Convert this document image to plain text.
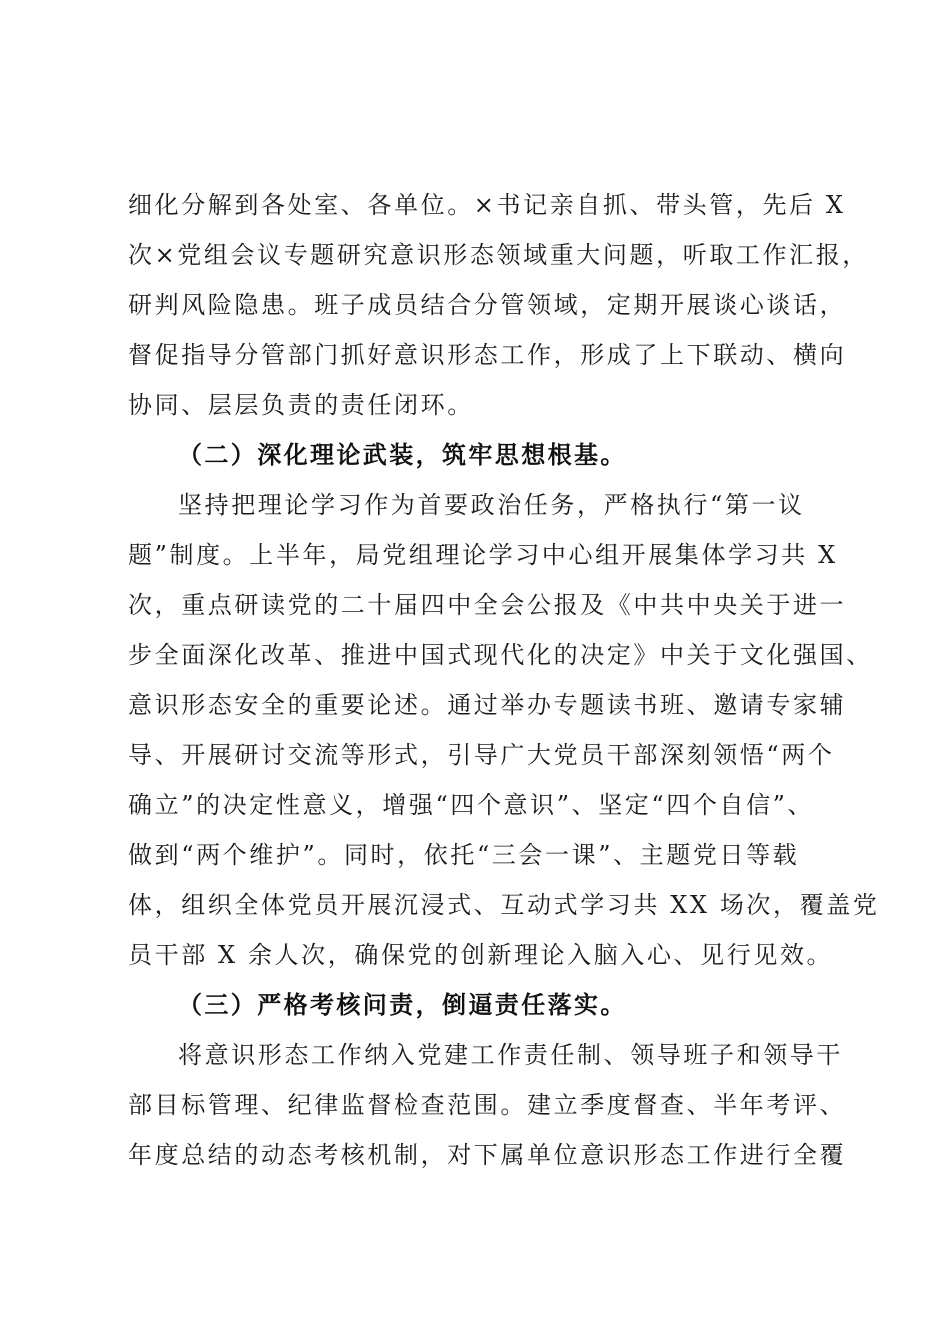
细化分解到各处室、各单位。×书记亲自抓、带头管，先后 X
次×党组会议专题研究意识形态领域重大问题，听取工作汇报，
研判风险隐患。班子成员结合分管领域，定期开展谈心谈话，
督促指导分管部门抓好意识形态工作，形成了上下联动、横向
协同、层层负责的责任闭环。
（二）深化理论武装，筑牢思想根基。
坚持把理论学习作为首要政治任务，严格执行“第一议
题”制度。上半年，局党组理论学习中心组开展集体学习共 X
次，重点研读党的二十届四中全会公报及《中共中央关于进一
步全面深化改革、推进中国式现代化的决定》中关于文化强国、
意识形态安全的重要论述。通过举办专题读书班、邀请专家辅
导、开展研讨交流等形式，引导广大党员干部深刻领悟“两个
确立”的决定性意义，增强“四个意识”、坚定“四个自信”、
做到“两个维护”。同时，依托“三会一课”、主题党日等载
体，组织全体党员开展沉浸式、互动式学习共 XX 场次，覆盖党
员干部 X 余人次，确保党的创新理论入脑入心、见行见效。
（三）严格考核问责，倒逼责任落实。
将意识形态工作纳入党建工作责任制、领导班子和领导干
部目标管理、纪律监督检查范围。建立季度督查、半年考评、
年度总结的动态考核机制，对下属单位意识形态工作进行全覆
